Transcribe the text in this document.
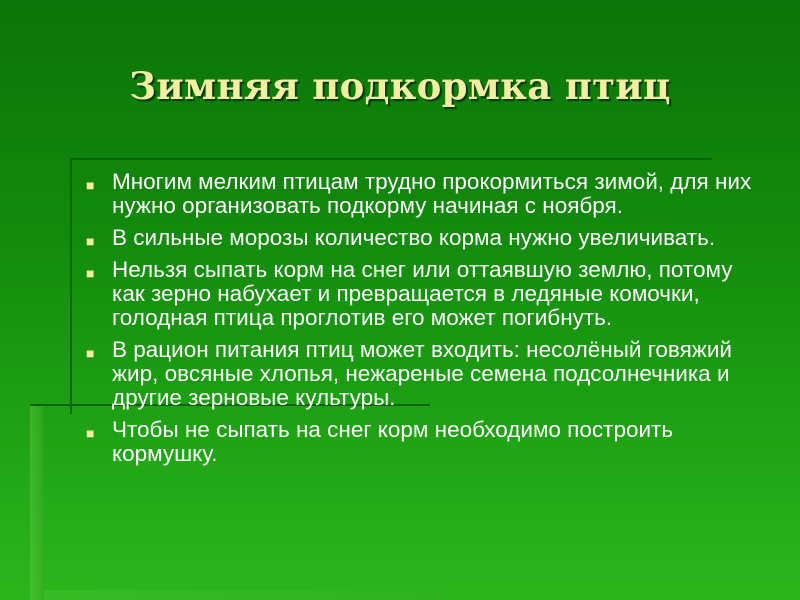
Зимняя подкормка птиц
■ Многим мелким птицам трудно прокормиться зимой, для них нужно организовать подкорму начиная с ноября.
■ В сильные морозы количество корма нужно увеличивать.
■ Нельзя сыпать корм на снег или оттаявшую землю, потому как зерно набухает и превращается в ледяные комочки, голодная птица проглотив его может погибнуть.
■ В рацион питания птиц может входить: несолёный говяжий жир, овсяные хлопья, нежареные семена подсолнечника и другие зерновые культуры.
■ Чтобы не сыпать на снег корм необходимо построить кормушку.
